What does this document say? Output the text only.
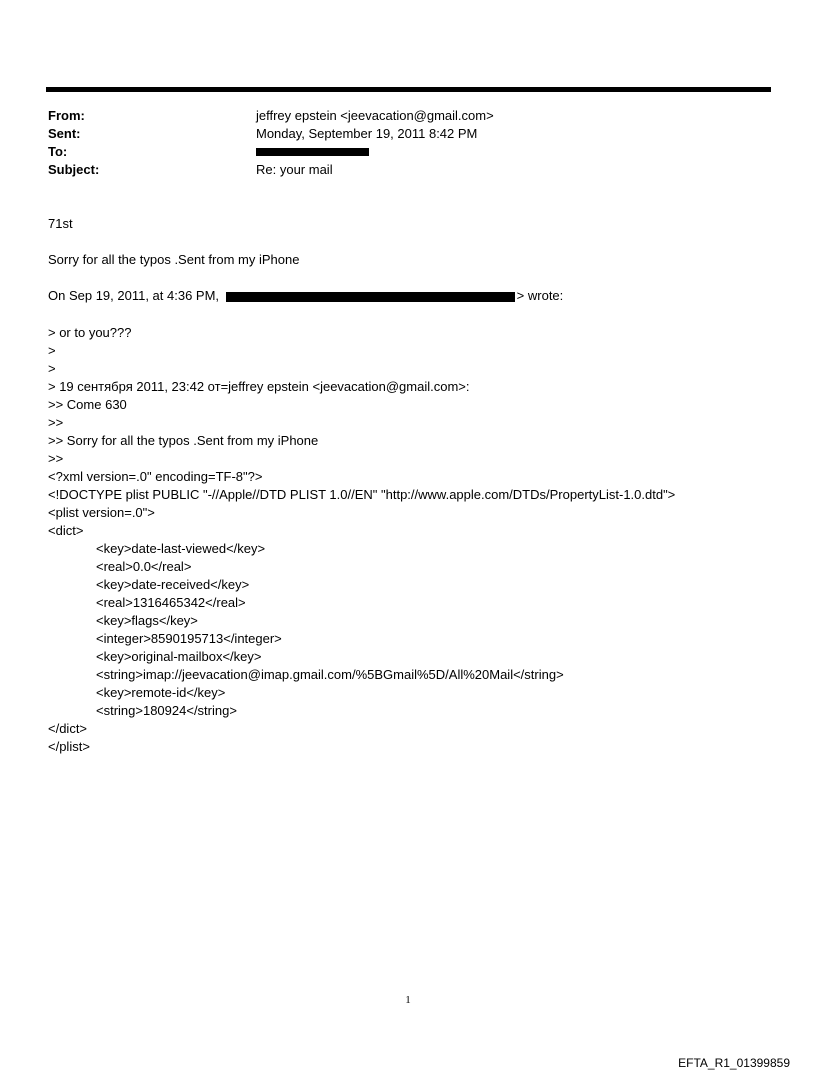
From:	jeffrey epstein <jeevacation@gmail.com>
Sent:	Monday, September 19, 2011 8:42 PM
To:
Subject:	Re: your mail
71st
Sorry for all the typos .Sent from my iPhone
On Sep 19, 2011, at 4:36 PM,	> wrote:
> or to you???
>
>
> 19 сентября 2011, 23:42 от=jeffrey epstein <jeevacation@gmail.com>:
>> Come 630
>>
>> Sorry for all the typos .Sent from my iPhone
>>
<?xml version=.0" encoding=TF-8"?>
<!DOCTYPE plist PUBLIC "-//Apple//DTD PLIST 1.0//EN" "http://www.apple.com/DTDs/PropertyList-1.0.dtd">
<plist version=.0">
<dict>
<key>date-last-viewed</key>
<real>0.0</real>
<key>date-received</key>
<real>1316465342</real>
<key>flags</key>
<integer>8590195713</integer>
<key>original-mailbox</key>
<string>imap://jeevacation@imap.gmail.com/%5BGmail%5D/All%20Mail</string>
<key>remote-id</key>
<string>180924</string>
</dict>
</plist>
1
EFTA_R1_01399859
